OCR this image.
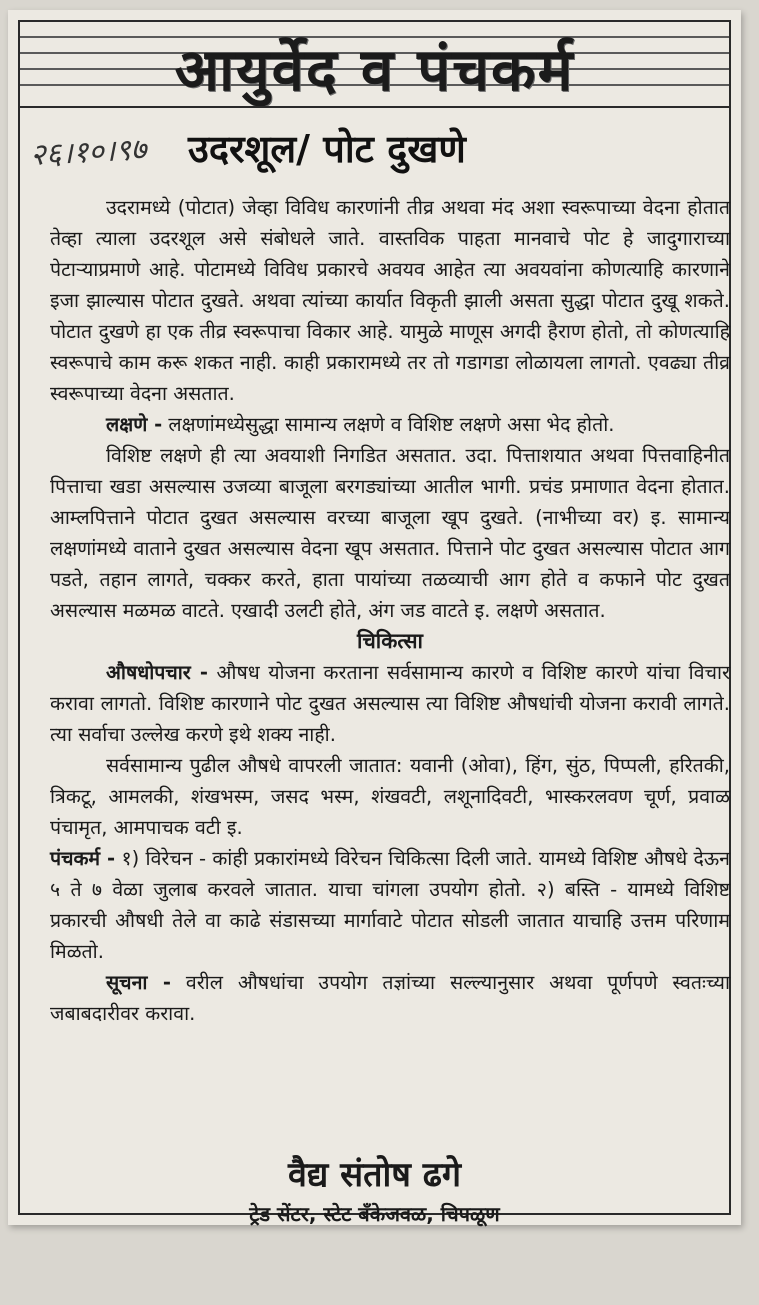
आयुर्वेद व पंचकर्म
२६।१०।९७ उदरशूल/ पोट दुखणे

उदरामध्ये (पोटात) जेव्हा विविध कारणांनी तीव्र अथवा मंद अशा स्वरूपाच्या वेदना होतात तेव्हा त्याला उदरशूल असे संबोधले जाते. वास्तविक पाहता मानवाचे पोट हे जादुगाराच्या पेटाऱ्याप्रमाणे आहे. पोटामध्ये विविध प्रकारचे अवयव आहेत त्या अवयवांना कोणत्याहि कारणाने इजा झाल्यास पोटात दुखते. अथवा त्यांच्या कार्यात विकृती झाली असता सुद्धा पोटात दुखू शकते. पोटात दुखणे हा एक तीव्र स्वरूपाचा विकार आहे. यामुळे माणूस अगदी हैराण होतो, तो कोणत्याहि स्वरूपाचे काम करू शकत नाही. काही प्रकारामध्ये तर तो गडागडा लोळायला लागतो. एवढ्या तीव्र स्वरूपाच्या वेदना असतात.

लक्षणे - लक्षणांमध्येसुद्धा सामान्य लक्षणे व विशिष्ट लक्षणे असा भेद होतो.

विशिष्ट लक्षणे ही त्या अवयाशी निगडित असतात. उदा. पित्ताशयात अथवा पित्तवाहिनीत पित्ताचा खडा असल्यास उजव्या बाजूला बरगड्यांच्या आतील भागी. प्रचंड प्रमाणात वेदना होतात. आम्लपित्ताने पोटात दुखत असल्यास वरच्या बाजूला खूप दुखते. (नाभीच्या वर) इ. सामान्य लक्षणांमध्ये वाताने दुखत असल्यास वेदना खूप असतात. पित्ताने पोट दुखत असल्यास पोटात आग पडते, तहान लागते, चक्कर करते, हाता पायांच्या तळव्याची आग होते व कफाने पोट दुखत असल्यास मळमळ वाटते. एखादी उलटी होते, अंग जड वाटते इ. लक्षणे असतात.

चिकित्सा

औषधोपचार - औषध योजना करताना सर्वसामान्य कारणे व विशिष्ट कारणे यांचा विचार करावा लागतो. विशिष्ट कारणाने पोट दुखत असल्यास त्या विशिष्ट औषधांची योजना करावी लागते. त्या सर्वाचा उल्लेख करणे इथे शक्य नाही.

सर्वसामान्य पुढील औषधे वापरली जातात: यवानी (ओवा), हिंग, सुंठ, पिप्पली, हरितकी, त्रिकटू, आमलकी, शंखभस्म, जसद भस्म, शंखवटी, लशूनादिवटी, भास्करलवण चूर्ण, प्रवाळ पंचामृत, आमपाचक वटी इ.

पंचकर्म - १) विरेचन - कांही प्रकारांमध्ये विरेचन चिकित्सा दिली जाते. यामध्ये विशिष्ट औषधे देऊन ५ ते ७ वेळा जुलाब करवले जातात. याचा चांगला उपयोग होतो. २) बस्ति - यामध्ये विशिष्ट प्रकारची औषधी तेले वा काढे संडासच्या मार्गावाटे पोटात सोडली जातात याचाहि उत्तम परिणाम मिळतो.

सूचना - वरील औषधांचा उपयोग तज्ञांच्या सल्ल्यानुसार अथवा पूर्णपणे स्वतःच्या जबाबदारीवर करावा.

वैद्य संतोष ढगे
ट्रेड सेंटर, स्टेट बँकेजवळ, चिपळूण
